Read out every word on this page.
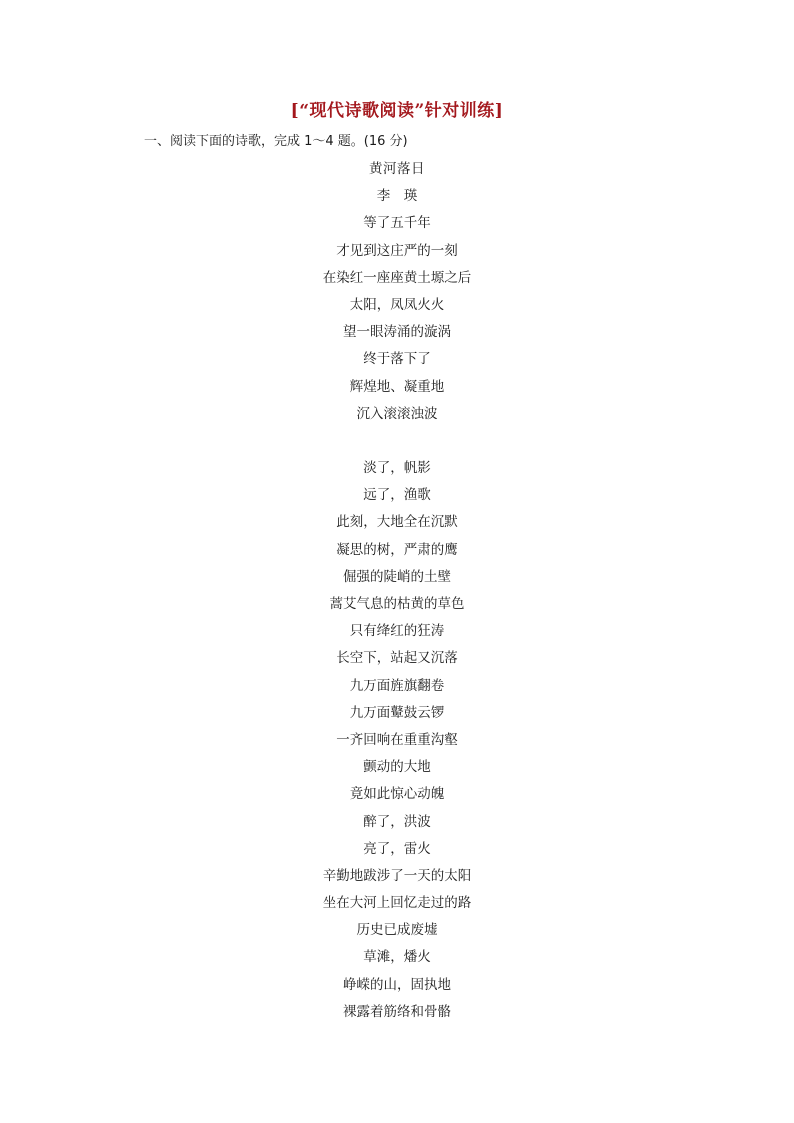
[“现代诗歌阅读”针对训练]

一、阅读下面的诗歌，完成 1～4 题。(16 分)

黄河落日
李　瑛
等了五千年
才见到这庄严的一刻
在染红一座座黄土塬之后
太阳，凤凤火火
望一眼涛涌的漩涡
终于落下了
辉煌地、凝重地
沉入滚滚浊波
淡了，帆影
远了，渔歌
此刻，大地全在沉默
凝思的树，严肃的鹰
倔强的陡峭的土壁
蒿艾气息的枯黄的草色
只有绛红的狂涛
长空下，站起又沉落
九万面旌旗翻卷
九万面鼙鼓云锣
一齐回响在重重沟壑
颤动的大地
竟如此惊心动魄
醉了，洪波
亮了，雷火
辛勤地跋涉了一天的太阳
坐在大河上回忆走过的路
历史已成废墟
草滩，燔火
峥嵘的山，固执地
裸露着筋络和骨骼
